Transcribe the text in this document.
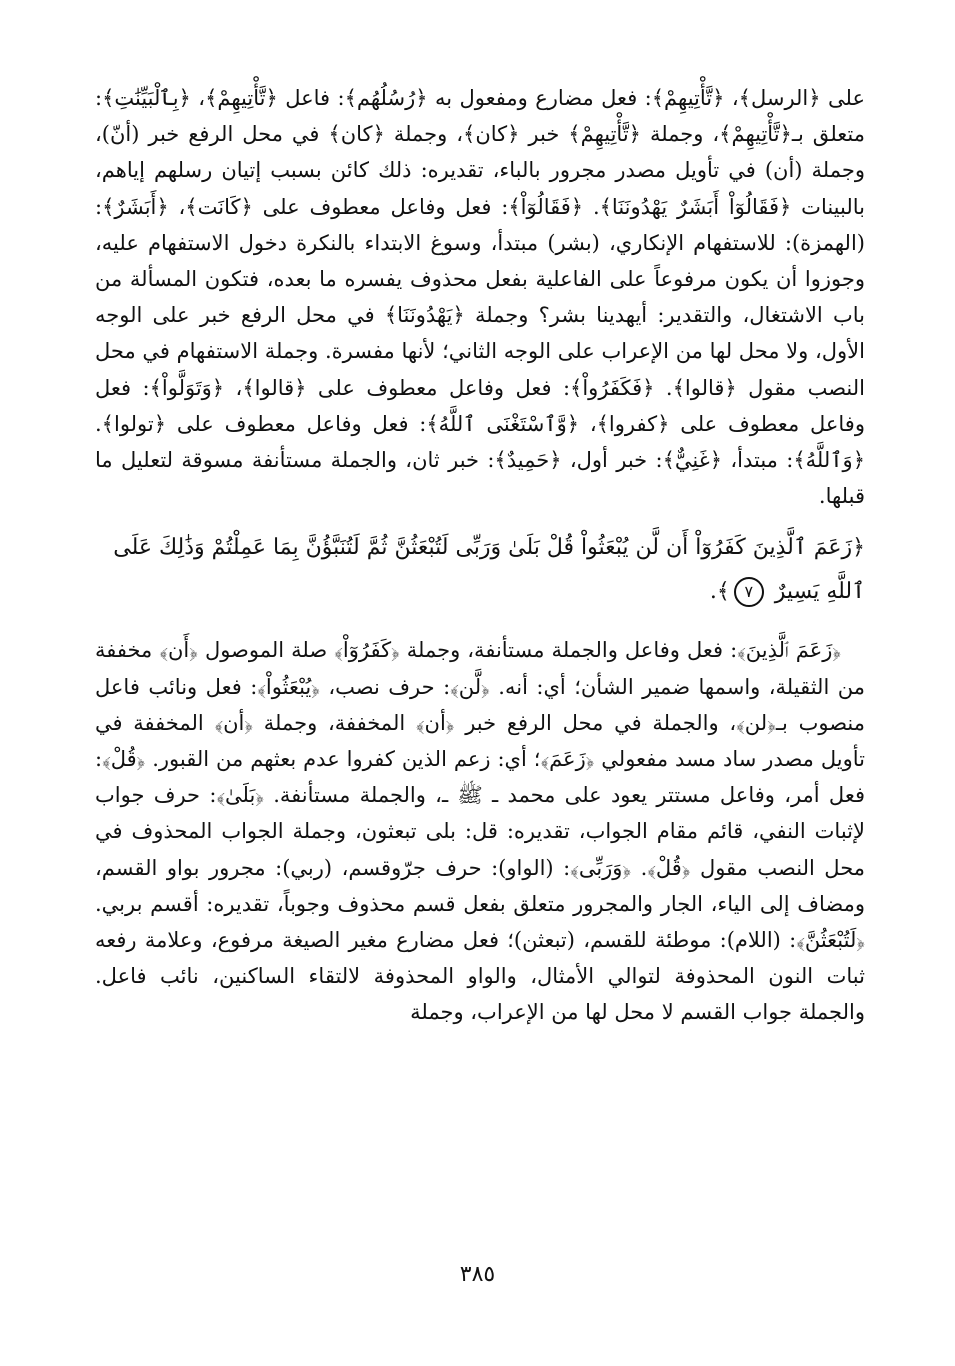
على ﴿الرسل﴾، ﴿تَّأْتِيهِمْ﴾: فعل مضارع ومفعول به ﴿رُسُلُهُم﴾: فاعل ﴿تَّأْتِيهِمْ﴾، ﴿بِٱلْبَيِّنَٰتِ﴾: متعلق بـ﴿تَّأْتِيهِمْ﴾، وجملة ﴿تَّأْتِيهِمْ﴾ خبر ﴿كان﴾، وجملة ﴿كان﴾ في محل الرفع خبر (أنّ)، وجملة (أن) في تأويل مصدر مجرور بالباء، تقديره: ذلك كائن بسبب إتيان رسلهم إياهم، بالبينات ﴿فَقَالُوٓاْ أَبَشَرٌ يَهْدُونَنَا﴾. ﴿فَقَالُوٓاْ﴾: فعل وفاعل معطوف على ﴿كَانَت﴾، ﴿أَبَشَرٌ﴾: (الهمزة): للاستفهام الإنكاري، (بشر) مبتدأ، وسوغ الابتداء بالنكرة دخول الاستفهام عليه، وجوزوا أن يكون مرفوعاً على الفاعلية بفعل محذوف يفسره ما بعده، فتكون المسألة من باب الاشتغال، والتقدير: أيهدينا بشر؟ وجملة ﴿يَهْدُونَنَا﴾ في محل الرفع خبر على الوجه الأول، ولا محل لها من الإعراب على الوجه الثاني؛ لأنها مفسرة. وجملة الاستفهام في محل النصب مقول ﴿قالوا﴾. ﴿فَكَفَرُواْ﴾: فعل وفاعل معطوف على ﴿قالوا﴾، ﴿وَتَوَلَّواْ﴾: فعل وفاعل معطوف على ﴿كفروا﴾، ﴿وَّٱسْتَغْنَى ٱللَّهُ﴾: فعل وفاعل معطوف على ﴿تولوا﴾. ﴿وَٱللَّهُ﴾: مبتدأ، ﴿غَنِيٌّ﴾: خبر أول، ﴿حَمِيدٌ﴾: خبر ثان، والجملة مستأنفة مسوقة لتعليل ما قبلها.

﴿زَعَمَ ٱلَّذِينَ كَفَرُوٓاْ أَن لَّن يُبْعَثُواْ قُلْ بَلَىٰ وَرَبِّى لَتُبْعَثُنَّ ثُمَّ لَتُنَبَّؤُنَّ بِمَا عَمِلْتُمْ وَذَٰلِكَ عَلَى ٱللَّهِ يَسِيرٌ ٧﴾.

﴿زَعَمَ ٱلَّذِينَ﴾: فعل وفاعل والجملة مستأنفة، وجملة ﴿كَفَرُوٓاْ﴾ صلة الموصول ﴿أَن﴾ مخففة من الثقيلة، واسمها ضمير الشأن؛ أي: أنه. ﴿لَّن﴾: حرف نصب، ﴿يُبْعَثُواْ﴾: فعل ونائب فاعل منصوب بـ﴿لن﴾، والجملة في محل الرفع خبر ﴿أن﴾ المخففة، وجملة ﴿أن﴾ المخففة في تأويل مصدر ساد مسد مفعولي ﴿زَعَمَ﴾؛ أي: زعم الذين كفروا عدم بعثهم من القبور. ﴿قُلْ﴾: فعل أمر، وفاعل مستتر يعود على محمد ـ ﷺ ـ، والجملة مستأنفة. ﴿بَلَىٰ﴾: حرف جواب لإثبات النفي، قائم مقام الجواب، تقديره: قل: بلى تبعثون، وجملة الجواب المحذوف في محل النصب مقول ﴿قُلْ﴾. ﴿وَرَبِّى﴾: (الواو): حرف جرّوقسم، (ربي): مجرور بواو القسم، ومضاف إلى الياء، الجار والمجرور متعلق بفعل قسم محذوف وجوباً، تقديره: أقسم بربي. ﴿لَتُبْعَثُنَّ﴾: (اللام): موطئة للقسم، (تبعثن)؛ فعل مضارع مغير الصيغة مرفوع، وعلامة رفعه ثبات النون المحذوفة لتوالي الأمثال، والواو المحذوفة لالتقاء الساكنين، نائب فاعل. والجملة جواب القسم لا محل لها من الإعراب، وجملة

٣٨٥
